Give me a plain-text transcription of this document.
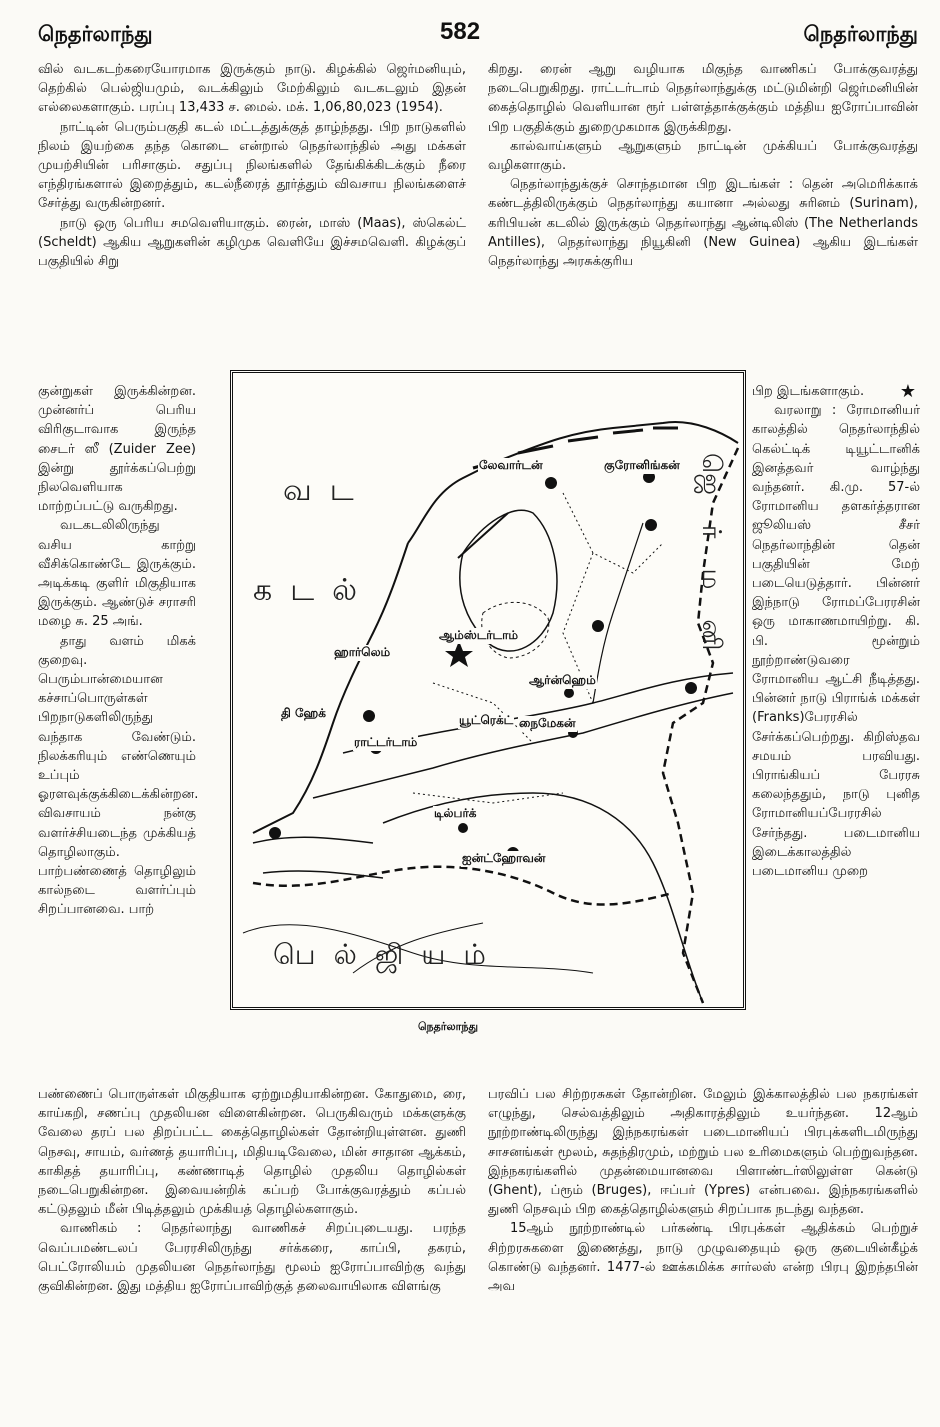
நெதர்லாந்து	582	நெதர்லாந்து

வில் வடகடற்கரையோரமாக இருக்கும் நாடு. கிழக்கில் ஜெர்மனியும், தெற்கில் பெல்ஜியமும், வடக்கிலும் மேற்கிலும் வடகடலும் இதன் எல்லைகளாகும். பரப்பு 13,433 ச. மைல். மக். 1,06,80,023 (1954).

நாட்டின் பெரும்பகுதி கடல் மட்டத்துக்குத் தாழ்ந்தது. பிற நாடுகளில் நிலம் இயற்கை தந்த கொடை என்றால் நெதர்லாந்தில் அது மக்கள் முயற்சியின் பரிசாகும். சதுப்பு நிலங்களில் தேங்கிக்கிடக்கும் நீரை எந்திரங்களால் இறைத்தும், கடல்நீரைத் தூர்த்தும் விவசாய நிலங்களைச் சேர்த்து வருகின்றனர்.

நாடு ஒரு பெரிய சமவெளியாகும். ரைன், மாஸ் (Maas), ஸ்கெல்ட் (Scheldt) ஆகிய ஆறுகளின் கழிமுக வெளியே இச்சமவெளி. கிழக்குப் பகுதியில் சிறு

கிறது. ரைன் ஆறு வழியாக மிகுந்த வாணிகப் போக்குவரத்து நடைபெறுகிறது. ராட்டர்டாம் நெதர்லாந்துக்கு மட்டுமின்றி ஜெர்மனியின் கைத்தொழில் வெளியான ரூர் பள்ளத்தாக்குக்கும் மத்திய ஐரோப்பாவின் பிற பகுதிக்கும் துறைமுகமாக இருக்கிறது.

கால்வாய்களும் ஆறுகளும் நாட்டின் முக்கியப் போக்குவரத்து வழிகளாகும்.

நெதர்லாந்துக்குச் சொந்தமான பிற இடங்கள் : தென் அமெரிக்காக் கண்டத்திலிருக்கும் நெதர்லாந்து கயானா அல்லது சுரினம் (Surinam), கரிபியன் கடலில் இருக்கும் நெதர்லாந்து ஆன்டிலிஸ் (The Netherlands Antilles), நெதர்லாந்து நியூகினி (New Guinea) ஆகிய இடங்கள் நெதர்லாந்து அரசுக்குரிய

குன்றுகள் இருக்கின்றன. முன்னர்ப் பெரிய விரிகுடாவாக இருந்த சைடர் ஸீ (Zuider Zee) இன்று தூர்க்கப்பெற்று நிலவெளியாக மாற்றப்பட்டு வருகிறது.

வடகடலிலிருந்து வசிய காற்று வீசிக்கொண்டே இருக்கும். அடிக்கடி குளிர் மிகுதியாக இருக்கும். ஆண்டுச் சராசரி மழை சு. 25 அங்.

தாது வளம் மிகக் குறைவு. பெரும்பான்மையான கச்சாப்பொருள்கள் பிறநாடுகளிலிருந்து வந்தாக வேண்டும். நிலக்கரியும் எண்ணெயும் உப்பும் ஓரளவுக்குக்கிடைக்கின்றன. விவசாயம் நன்கு வளர்ச்சியடைந்த முக்கியத் தொழிலாகும். பாற்பண்ணைத் தொழிலும் கால்நடை வளர்ப்பும் சிறப்பானவை. பாற்

பிற இடங்களாகும். ★

வரலாறு : ரோமானியர் காலத்தில் நெதர்லாந்தில் கெல்ட்டிக் டியூட்டானிக் இனத்தவர் வாழ்ந்து வந்தனர். கி.மு. 57-ல் ரோமானிய தளகர்த்தரான ஜூலியஸ் சீசர் நெதர்லாந்தின் தென் பகுதியின் மேற் படையெடுத்தார். பின்னர் இந்நாடு ரோமப்பேரரசின் ஒரு மாகாணமாயிற்று. கி. பி. மூன்றும் நூற்றாண்டுவரை ரோமானிய ஆட்சி நீடித்தது. பின்னர் நாடு பிராங்க் மக்கள் (Franks)பேரரசில் சேர்க்கப்பெற்றது. கிறிஸ்தவ சமயம் பரவியது. பிராங்கியப் பேரரசு கலைந்ததும், நாடு புனித ரோமானியப்பேரரசில் சேர்ந்தது. படைமானிய இடைக்காலத்தில் படைமானிய முறை

வட
கடல்
பெல்ஜியம்
ஜெர்மனி
லேவார்டன்	குரோனிங்கன்
ஹார்லெம்
ஆம்ஸ்டர்டாம்
தி ஹேக்	யூட்ரெக்ட்
ராட்டர்டாம்
ஆர்ன்ஹெம்
நைமேகன்
டில்பர்க்
ஐன்ட்ஹோவன்
நெதர்லாந்து

பண்ணைப் பொருள்கள் மிகுதியாக ஏற்றுமதியாகின்றன. கோதுமை, ரை, காய்கறி, சணப்பு முதலியன விளைகின்றன. பெருகிவரும் மக்களுக்கு வேலை தரப் பல திறப்பட்ட கைத்தொழில்கள் தோன்றியுள்ளன. துணி நெசவு, சாயம், வர்ணத் தயாரிப்பு, மிதியடிவேலை, மின் சாதான ஆக்கம், காகிதத் தயாரிப்பு, கண்ணாடித் தொழில் முதலிய தொழில்கள் நடைபெறுகின்றன. இவையன்றிக் கப்பற் போக்குவரத்தும் கப்பல் கட்டுதலும் மீன் பிடித்தலும் முக்கியத் தொழில்களாகும்.

வாணிகம் : நெதர்லாந்து வாணிகச் சிறப்புடையது. பரந்த வெப்பமண்டலப் பேரரசிலிருந்து சர்க்கரை, காப்பி, தகரம், பெட்ரோலியம் முதலியன நெதர்லாந்து மூலம் ஐரோப்பாவிற்கு வந்து குவிகின்றன. இது மத்திய ஐரோப்பாவிற்குத் தலைவாயிலாக விளங்கு

பரவிப் பல சிற்றரசுகள் தோன்றின. மேலும் இக்காலத்தில் பல நகரங்கள் எழுந்து, செல்வத்திலும் அதிகாரத்திலும் உயர்ந்தன. 12ஆம் நூற்றாண்டிலிருந்து இந்நகரங்கள் படைமானியப் பிரபுக்களிடமிருந்து சாசனங்கள் மூலம், சுதந்திரமும், மற்றும் பல உரிமைகளும் பெற்றுவந்தன. இந்நகரங்களில் முதன்மையானவை பிளாண்டர்ஸிலுள்ள கென்டு (Ghent), ப்ரூம் (Bruges), ஈப்பர் (Ypres) என்பவை. இந்நகரங்களில் துணி நெசவும் பிற கைத்தொழில்களும் சிறப்பாக நடந்து வந்தன.

15ஆம் நூற்றாண்டில் பர்கண்டி பிரபுக்கள் ஆதிக்கம் பெற்றுச் சிற்றரசுகளை இணைத்து, நாடு முழுவதையும் ஒரு குடையின்கீழ்க் கொண்டு வந்தனர். 1477-ல் ஊக்கமிக்க சார்லஸ் என்ற பிரபு இறந்தபின் அவ
